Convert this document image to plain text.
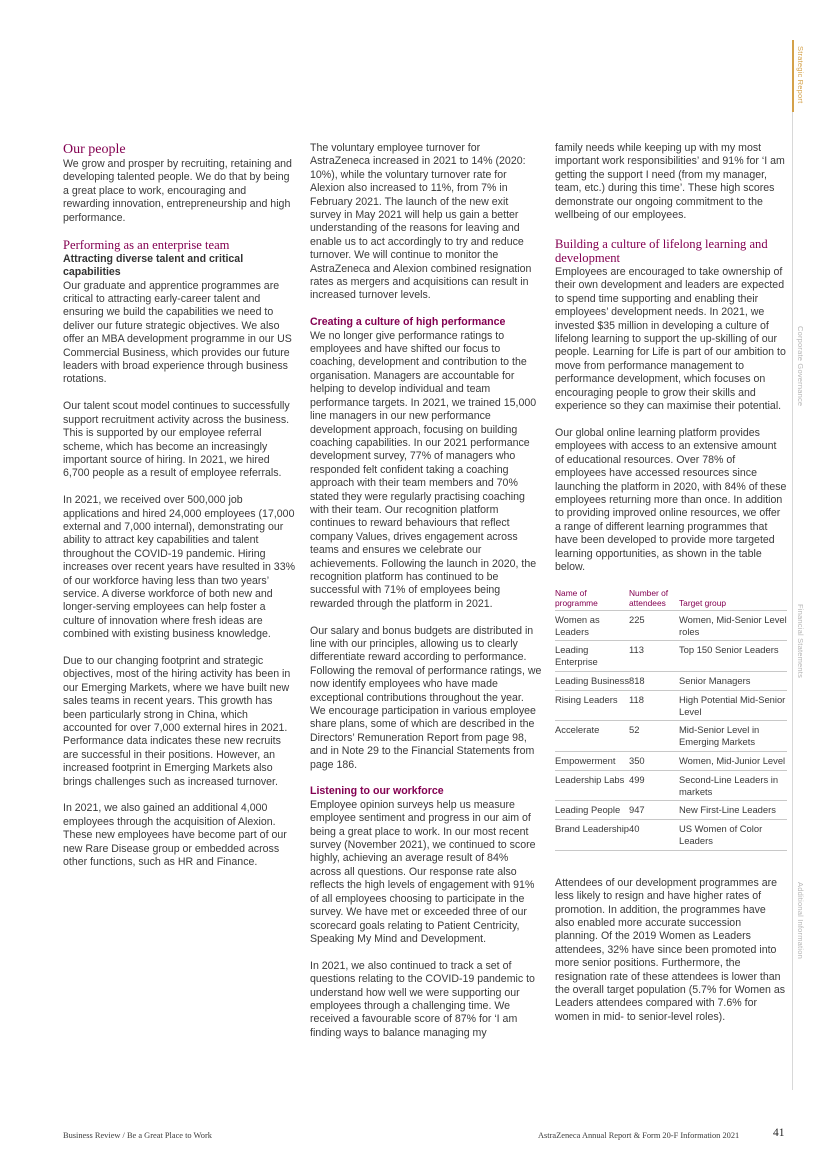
Strategic Report
Corporate Governance
Financial Statements
Additional Information
Our people

We grow and prosper by recruiting, retaining and developing talented people. We do that by being a great place to work, encouraging and rewarding innovation, entrepreneurship and high performance.

Performing as an enterprise team
Attracting diverse talent and critical capabilities

Our graduate and apprentice programmes are critical to attracting early-career talent and ensuring we build the capabilities we need to deliver our future strategic objectives. We also offer an MBA development programme in our US Commercial Business, which provides our future leaders with broad experience through business rotations.

Our talent scout model continues to successfully support recruitment activity across the business. This is supported by our employee referral scheme, which has become an increasingly important source of hiring. In 2021, we hired 6,700 people as a result of employee referrals.

In 2021, we received over 500,000 job applications and hired 24,000 employees (17,000 external and 7,000 internal), demonstrating our ability to attract key capabilities and talent throughout the COVID-19 pandemic. Hiring increases over recent years have resulted in 33% of our workforce having less than two years’ service. A diverse workforce of both new and longer-serving employees can help foster a culture of innovation where fresh ideas are combined with existing business knowledge.

Due to our changing footprint and strategic objectives, most of the hiring activity has been in our Emerging Markets, where we have built new sales teams in recent years. This growth has been particularly strong in China, which accounted for over 7,000 external hires in 2021. Performance data indicates these new recruits are successful in their positions. However, an increased footprint in Emerging Markets also brings challenges such as increased turnover.

In 2021, we also gained an additional 4,000 employees through the acquisition of Alexion. These new employees have become part of our new Rare Disease group or embedded across other functions, such as HR and Finance.

The voluntary employee turnover for AstraZeneca increased in 2021 to 14% (2020: 10%), while the voluntary turnover rate for Alexion also increased to 11%, from 7% in February 2021. The launch of the new exit survey in May 2021 will help us gain a better understanding of the reasons for leaving and enable us to act accordingly to try and reduce turnover. We will continue to monitor the AstraZeneca and Alexion combined resignation rates as mergers and acquisitions can result in increased turnover levels.

Creating a culture of high performance

We no longer give performance ratings to employees and have shifted our focus to coaching, development and contribution to the organisation. Managers are accountable for helping to develop individual and team performance targets. In 2021, we trained 15,000 line managers in our new performance development approach, focusing on building coaching capabilities. In our 2021 performance development survey, 77% of managers who responded felt confident taking a coaching approach with their team members and 70% stated they were regularly practising coaching with their team. Our recognition platform continues to reward behaviours that reflect company Values, drives engagement across teams and ensures we celebrate our achievements. Following the launch in 2020, the recognition platform has continued to be successful with 71% of employees being rewarded through the platform in 2021.

Our salary and bonus budgets are distributed in line with our principles, allowing us to clearly differentiate reward according to performance. Following the removal of performance ratings, we now identify employees who have made exceptional contributions throughout the year. We encourage participation in various employee share plans, some of which are described in the Directors’ Remuneration Report from page 98, and in Note 29 to the Financial Statements from page 186.

Listening to our workforce

Employee opinion surveys help us measure employee sentiment and progress in our aim of being a great place to work. In our most recent survey (November 2021), we continued to score highly, achieving an average result of 84% across all questions. Our response rate also reflects the high levels of engagement with 91% of all employees choosing to participate in the survey. We have met or exceeded three of our scorecard goals relating to Patient Centricity, Speaking My Mind and Development.

In 2021, we also continued to track a set of questions relating to the COVID-19 pandemic to understand how well we were supporting our employees through a challenging time. We received a favourable score of 87% for ‘I am finding ways to balance managing my

family needs while keeping up with my most important work responsibilities’ and 91% for ‘I am getting the support I need (from my manager, team, etc.) during this time’. These high scores demonstrate our ongoing commitment to the wellbeing of our employees.

Building a culture of lifelong learning and development

Employees are encouraged to take ownership of their own development and leaders are expected to spend time supporting and enabling their employees’ development needs. In 2021, we invested $35 million in developing a culture of lifelong learning to support the up-skilling of our people. Learning for Life is part of our ambition to move from performance management to performance development, which focuses on encouraging people to grow their skills and experience so they can maximise their potential.

Our global online learning platform provides employees with access to an extensive amount of educational resources. Over 78% of employees have accessed resources since launching the platform in 2020, with 84% of these employees returning more than once. In addition to providing improved online resources, we offer a range of different learning programmes that have been developed to provide more targeted learning opportunities, as shown in the table below.

Name of programme	Number of attendees	Target group
Women as Leaders	225	Women, Mid-Senior Level roles
Leading Enterprise	113	Top 150 Senior Leaders
Leading Business	818	Senior Managers
Rising Leaders	118	High Potential Mid-Senior Level
Accelerate	52	Mid-Senior Level in Emerging Markets
Empowerment	350	Women, Mid-Junior Level
Leadership Labs	499	Second-Line Leaders in markets
Leading People	947	New First-Line Leaders
Brand Leadership	40	US Women of Color Leaders

Attendees of our development programmes are less likely to resign and have higher rates of promotion. In addition, the programmes have also enabled more accurate succession planning. Of the 2019 Women as Leaders attendees, 32% have since been promoted into more senior positions. Furthermore, the resignation rate of these attendees is lower than the overall target population (5.7% for Women as Leaders attendees compared with 7.6% for women in mid- to senior-level roles).

Business Review / Be a Great Place to Work	AstraZeneca Annual Report & Form 20-F Information 2021	41
